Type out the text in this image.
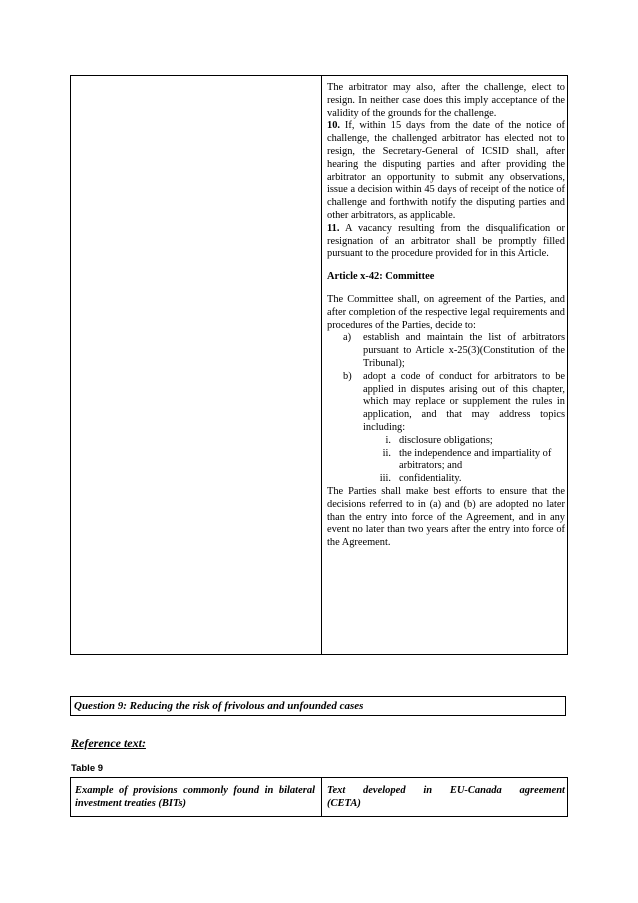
The arbitrator may also, after the challenge, elect to resign. In neither case does this imply acceptance of the validity of the grounds for the challenge.

10. If, within 15 days from the date of the notice of challenge, the challenged arbitrator has elected not to resign, the Secretary-General of ICSID shall, after hearing the disputing parties and after providing the arbitrator an opportunity to submit any observations, issue a decision within 45 days of receipt of the notice of challenge and forthwith notify the disputing parties and other arbitrators, as applicable.

11. A vacancy resulting from the disqualification or resignation of an arbitrator shall be promptly filled pursuant to the procedure provided for in this Article.

Article x-42: Committee

The Committee shall, on agreement of the Parties, and after completion of the respective legal requirements and procedures of the Parties, decide to:

a) establish and maintain the list of arbitrators pursuant to Article x-25(3)(Constitution of the Tribunal);

b) adopt a code of conduct for arbitrators to be applied in disputes arising out of this chapter, which may replace or supplement the rules in application, and that may address topics including:

i. disclosure obligations;

ii. the independence and impartiality of arbitrators; and

iii. confidentiality.

The Parties shall make best efforts to ensure that the decisions referred to in (a) and (b) are adopted no later than the entry into force of the Agreement, and in any event no later than two years after the entry into force of the Agreement.

Question 9: Reducing the risk of frivolous and unfounded cases
Reference text:
Table 9
Example of provisions commonly found in bilateral investment treaties (BITs)
Text developed in EU-Canada agreement
(CETA)
